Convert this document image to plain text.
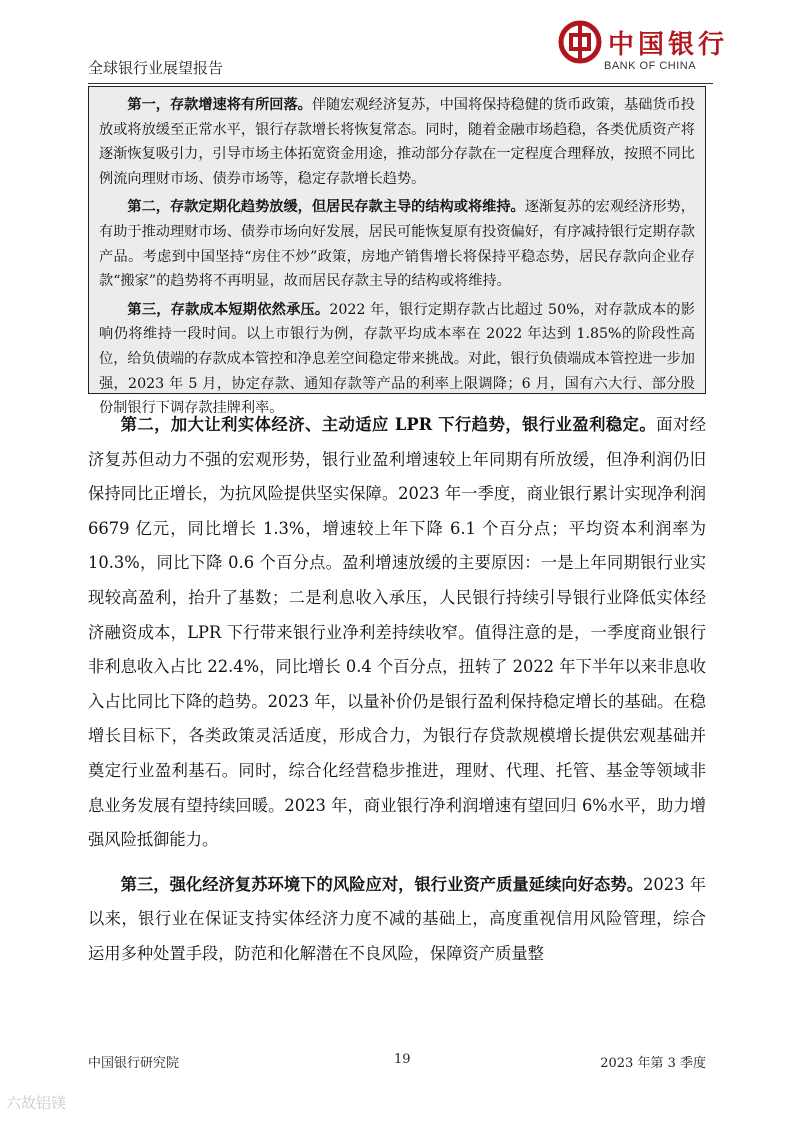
全球银行业展望报告
中国银行
BANK OF CHINA

第一，存款增速将有所回落。伴随宏观经济复苏，中国将保持稳健的货币政策，基础货币投放或将放缓至正常水平，银行存款增长将恢复常态。同时，随着金融市场趋稳，各类优质资产将逐渐恢复吸引力，引导市场主体拓宽资金用途，推动部分存款在一定程度合理释放，按照不同比例流向理财市场、债券市场等，稳定存款增长趋势。

第二，存款定期化趋势放缓，但居民存款主导的结构或将维持。逐渐复苏的宏观经济形势，有助于推动理财市场、债券市场向好发展，居民可能恢复原有投资偏好，有序减持银行定期存款产品。考虑到中国坚持“房住不炒”政策，房地产销售增长将保持平稳态势，居民存款向企业存款“搬家”的趋势将不再明显，故而居民存款主导的结构或将维持。

第三，存款成本短期依然承压。2022 年，银行定期存款占比超过 50%，对存款成本的影响仍将维持一段时间。以上市银行为例，存款平均成本率在 2022 年达到 1.85%的阶段性高位，给负债端的存款成本管控和净息差空间稳定带来挑战。对此，银行负债端成本管控进一步加强，2023 年 5 月，协定存款、通知存款等产品的利率上限调降；6 月，国有六大行、部分股份制银行下调存款挂牌利率。

第二，加大让利实体经济、主动适应 LPR 下行趋势，银行业盈利稳定。面对经济复苏但动力不强的宏观形势，银行业盈利增速较上年同期有所放缓，但净利润仍旧保持同比正增长，为抗风险提供坚实保障。2023 年一季度，商业银行累计实现净利润 6679 亿元，同比增长 1.3%，增速较上年下降 6.1 个百分点；平均资本利润率为 10.3%，同比下降 0.6 个百分点。盈利增速放缓的主要原因：一是上年同期银行业实现较高盈利，抬升了基数；二是利息收入承压，人民银行持续引导银行业降低实体经济融资成本，LPR 下行带来银行业净利差持续收窄。值得注意的是，一季度商业银行非利息收入占比 22.4%，同比增长 0.4 个百分点，扭转了 2022 年下半年以来非息收入占比同比下降的趋势。2023 年，以量补价仍是银行盈利保持稳定增长的基础。在稳增长目标下，各类政策灵活适度，形成合力，为银行存贷款规模增长提供宏观基础并奠定行业盈利基石。同时，综合化经营稳步推进，理财、代理、托管、基金等领域非息业务发展有望持续回暖。2023 年，商业银行净利润增速有望回归 6%水平，助力增强风险抵御能力。

第三，强化经济复苏环境下的风险应对，银行业资产质量延续向好态势。2023 年以来，银行业在保证支持实体经济力度不减的基础上，高度重视信用风险管理，综合运用多种处置手段，防范和化解潜在不良风险，保障资产质量整

中国银行研究院	19	2023 年第 3 季度
六故铝镁
